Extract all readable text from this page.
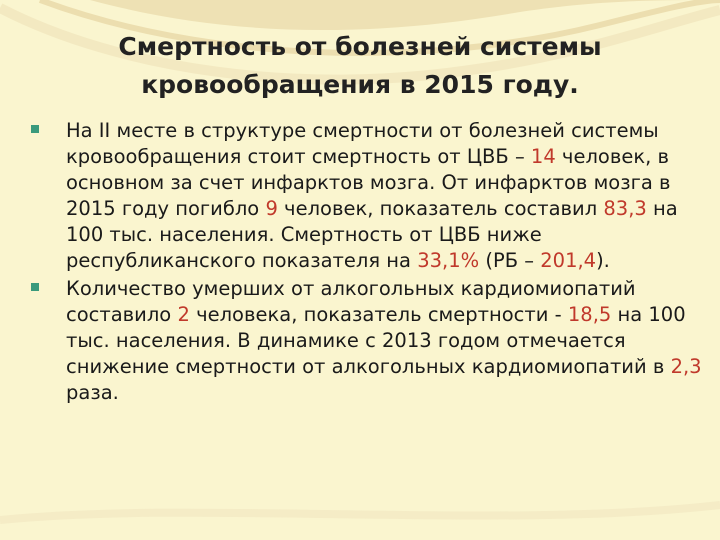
Смертность от болезней системы
кровообращения в 2015 году.
На II месте в структуре смертности от болезней системы кровообращения стоит смертность от ЦВБ – 14 человек, в основном за счет инфарктов мозга. От инфарктов мозга в 2015 году погибло 9 человек, показатель составил 83,3 на 100 тыс. населения. Смертность от ЦВБ ниже республиканского показателя на 33,1% (РБ – 201,4).
Количество умерших от алкогольных кардиомиопатий составило 2 человека, показатель смертности - 18,5 на 100 тыс. населения. В динамике с 2013 годом отмечается снижение смертности от алкогольных кардиомиопатий в 2,3 раза.
